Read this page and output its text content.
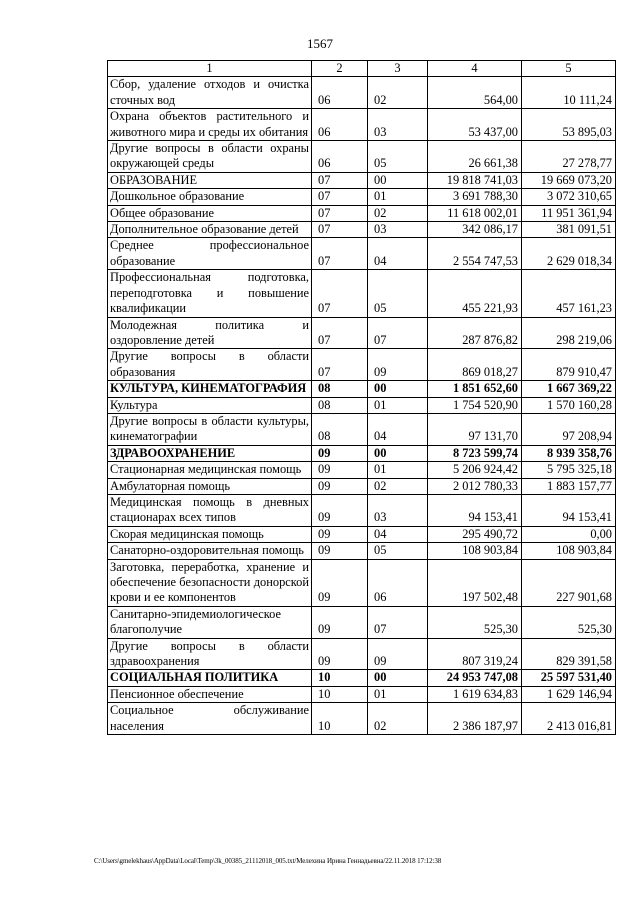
1567
1	2	3	4	5
Сбор, удаление отходов и очистка сточных вод	06	02	564,00	10 111,24
Охрана объектов растительного и животного мира и среды их обитания	06	03	53 437,00	53 895,03
Другие вопросы в области охраны окружающей среды	06	05	26 661,38	27 278,77
ОБРАЗОВАНИЕ	07	00	19 818 741,03	19 669 073,20
Дошкольное образование	07	01	3 691 788,30	3 072 310,65
Общее образование	07	02	11 618 002,01	11 951 361,94
Дополнительное образование детей	07	03	342 086,17	381 091,51
Среднее профессиональное образование	07	04	2 554 747,53	2 629 018,34
Профессиональная подготовка, переподготовка и повышение квалификации	07	05	455 221,93	457 161,23
Молодежная политика и оздоровление детей	07	07	287 876,82	298 219,06
Другие вопросы в области образования	07	09	869 018,27	879 910,47
КУЛЬТУРА, КИНЕМАТОГРАФИЯ	08	00	1 851 652,60	1 667 369,22
Культура	08	01	1 754 520,90	1 570 160,28
Другие вопросы в области культуры, кинематографии	08	04	97 131,70	97 208,94
ЗДРАВООХРАНЕНИЕ	09	00	8 723 599,74	8 939 358,76
Стационарная медицинская помощь	09	01	5 206 924,42	5 795 325,18
Амбулаторная помощь	09	02	2 012 780,33	1 883 157,77
Медицинская помощь в дневных стационарах всех типов	09	03	94 153,41	94 153,41
Скорая медицинская помощь	09	04	295 490,72	0,00
Санаторно-оздоровительная помощь	09	05	108 903,84	108 903,84
Заготовка, переработка, хранение и обеспечение безопасности донорской крови и ее компонентов	09	06	197 502,48	227 901,68
Санитарно-эпидемиологическое благополучие	09	07	525,30	525,30
Другие вопросы в области здравоохранения	09	09	807 319,24	829 391,58
СОЦИАЛЬНАЯ ПОЛИТИКА	10	00	24 953 747,08	25 597 531,40
Пенсионное обеспечение	10	01	1 619 634,83	1 629 146,94
Социальное обслуживание населения	10	02	2 386 187,97	2 413 016,81
C:\Users\gmelekhaus\AppData\Local\Temp\3k_00385_21112018_005.txt/Мелехина Ирина Геннадьевна/22.11.2018 17:12:38
